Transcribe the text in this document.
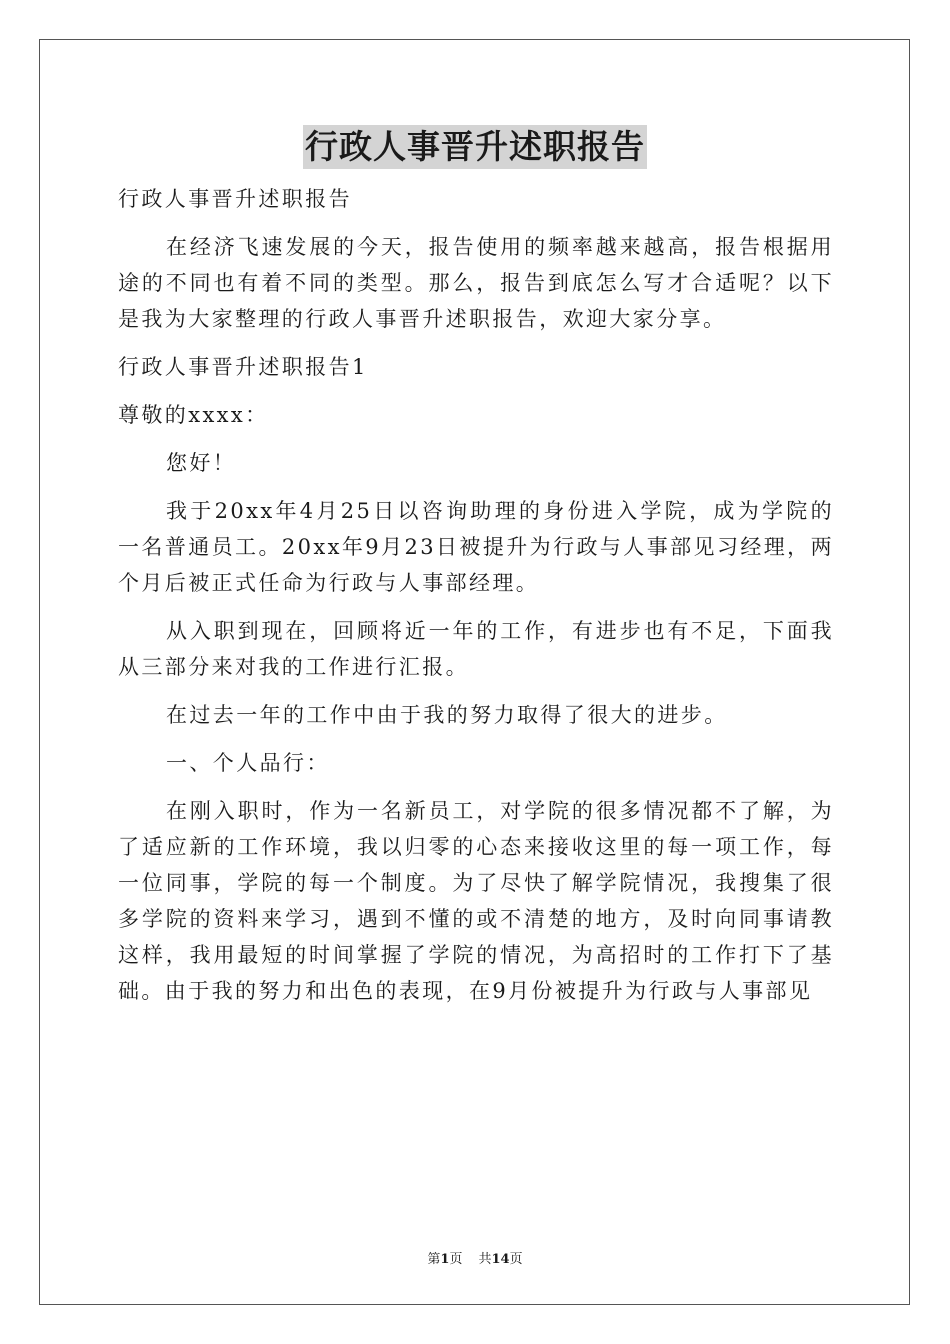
行政人事晋升述职报告

行政人事晋升述职报告

在经济飞速发展的今天，报告使用的频率越来越高，报告根据用途的不同也有着不同的类型。那么，报告到底怎么写才合适呢？以下是我为大家整理的行政人事晋升述职报告，欢迎大家分享。

行政人事晋升述职报告1

尊敬的xxxx：

您好！

我于20xx年4月25日以咨询助理的身份进入学院，成为学院的一名普通员工。20xx年9月23日被提升为行政与人事部见习经理，两个月后被正式任命为行政与人事部经理。

从入职到现在，回顾将近一年的工作，有进步也有不足，下面我从三部分来对我的工作进行汇报。

在过去一年的工作中由于我的努力取得了很大的进步。

一、个人品行：

在刚入职时，作为一名新员工，对学院的很多情况都不了解，为了适应新的工作环境，我以归零的心态来接收这里的每一项工作，每一位同事，学院的每一个制度。为了尽快了解学院情况，我搜集了很多学院的资料来学习，遇到不懂的或不清楚的地方，及时向同事请教这样，我用最短的时间掌握了学院的情况，为高招时的工作打下了基础。由于我的努力和出色的表现，在9月份被提升为行政与人事部见

第1页 共14页
